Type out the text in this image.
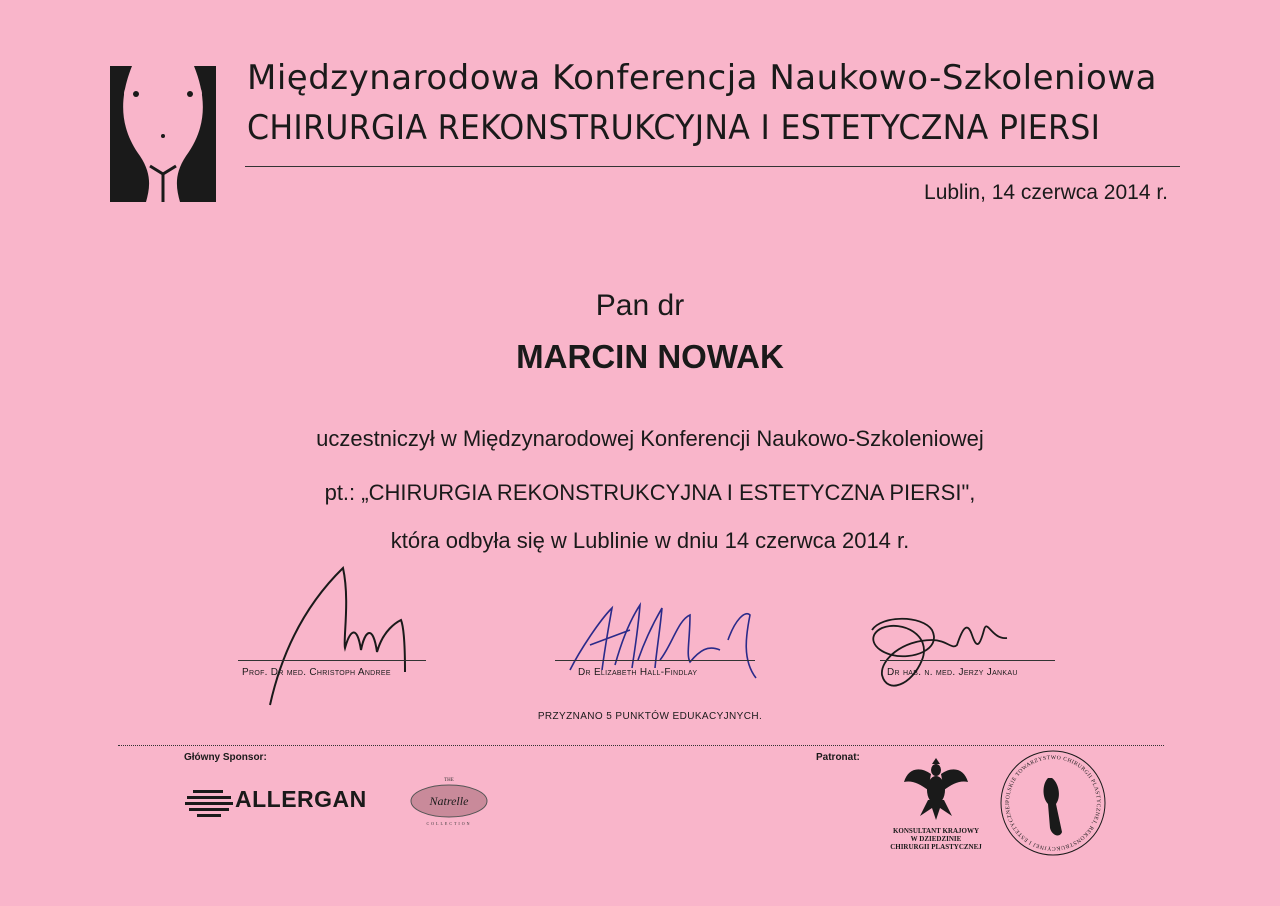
Międzynarodowa Konferencja Naukowo-Szkoleniowa
CHIRURGIA REKONSTRUKCYJNA I ESTETYCZNA PIERSI
Lublin, 14 czerwca 2014 r.
Pan dr
MARCIN NOWAK
uczestniczył w Międzynarodowej Konferencji Naukowo-Szkoleniowej
pt.: „CHIRURGIA REKONSTRUKCYJNA I ESTETYCZNA PIERSI",
która odbyła się w Lublinie w dniu 14 czerwca 2014 r.
Prof. Dr med. Christoph Andree	Dr Elizabeth Hall-Findlay	Dr hab. n. med. Jerzy Jankau
PRZYZNANO 5 PUNKTÓW EDUKACYJNYCH.
Główny Sponsor:	Patronat:
ALLERGAN
THE
Natrelle
COLLECTION
KONSULTANT KRAJOWY
W DZIEDZINIE
CHIRURGII PLASTYCZNEJ
POLSKIE TOWARZYSTWO CHIRURGII PLASTYCZNEJ, REKONSTRUKCYJNEJ I ESTETYCZNEJ
